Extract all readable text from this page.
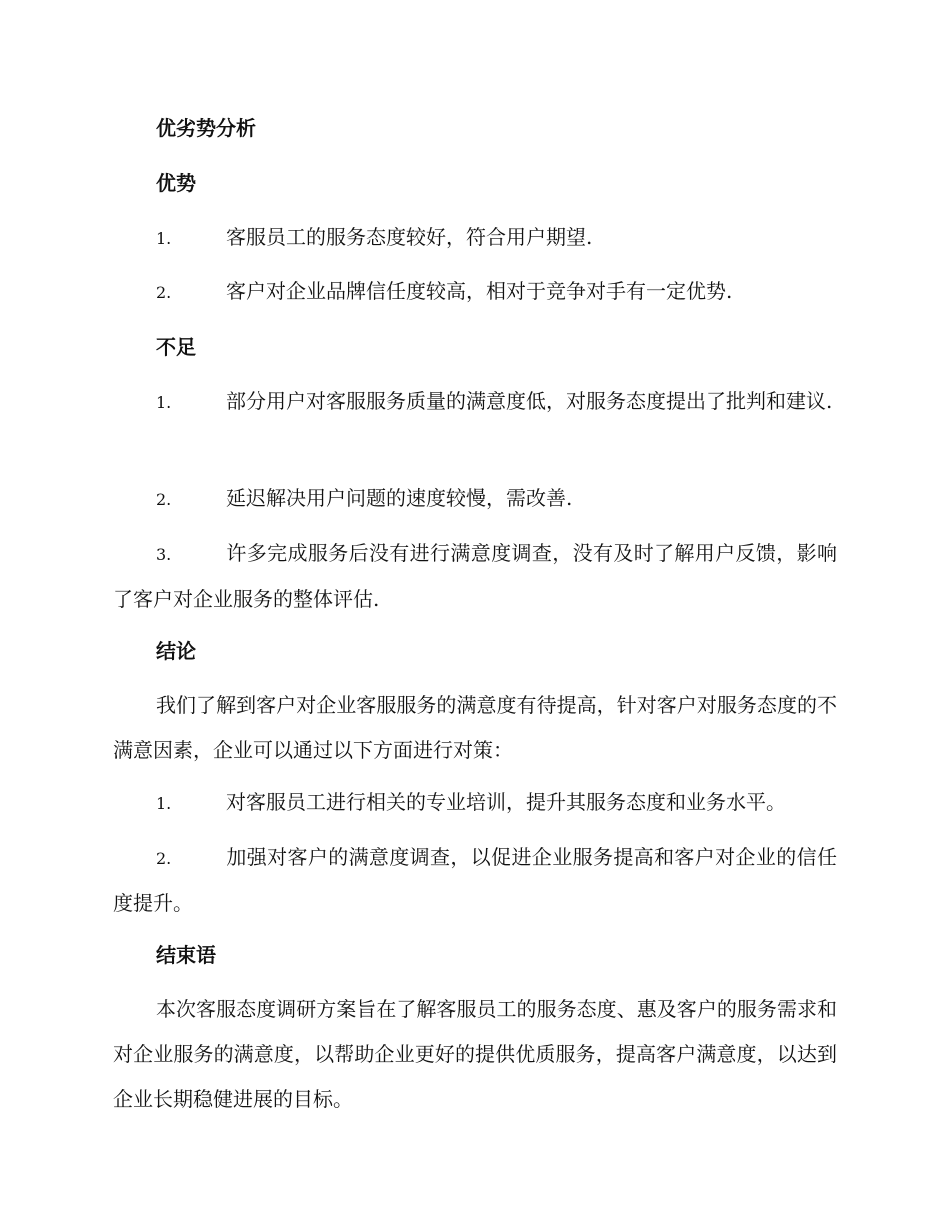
优劣势分析
优势

1.	客服员工的服务态度较好，符合用户期望.

2.	客户对企业品牌信任度较高，相对于竞争对手有一定优势.

不足

1.	部分用户对客服服务质量的满意度低，对服务态度提出了批判和建议.

2.	延迟解决用户问题的速度较慢，需改善.

3.	许多完成服务后没有进行满意度调查，没有及时了解用户反馈，影响了客户对企业服务的整体评估.

结论

我们了解到客户对企业客服服务的满意度有待提高，针对客户对服务态度的不满意因素，企业可以通过以下方面进行对策：

1.	对客服员工进行相关的专业培训，提升其服务态度和业务水平。

2.	加强对客户的满意度调查，以促进企业服务提高和客户对企业的信任度提升。

结束语

本次客服态度调研方案旨在了解客服员工的服务态度、惠及客户的服务需求和对企业服务的满意度，以帮助企业更好的提供优质服务，提高客户满意度，以达到企业长期稳健进展的目标。
